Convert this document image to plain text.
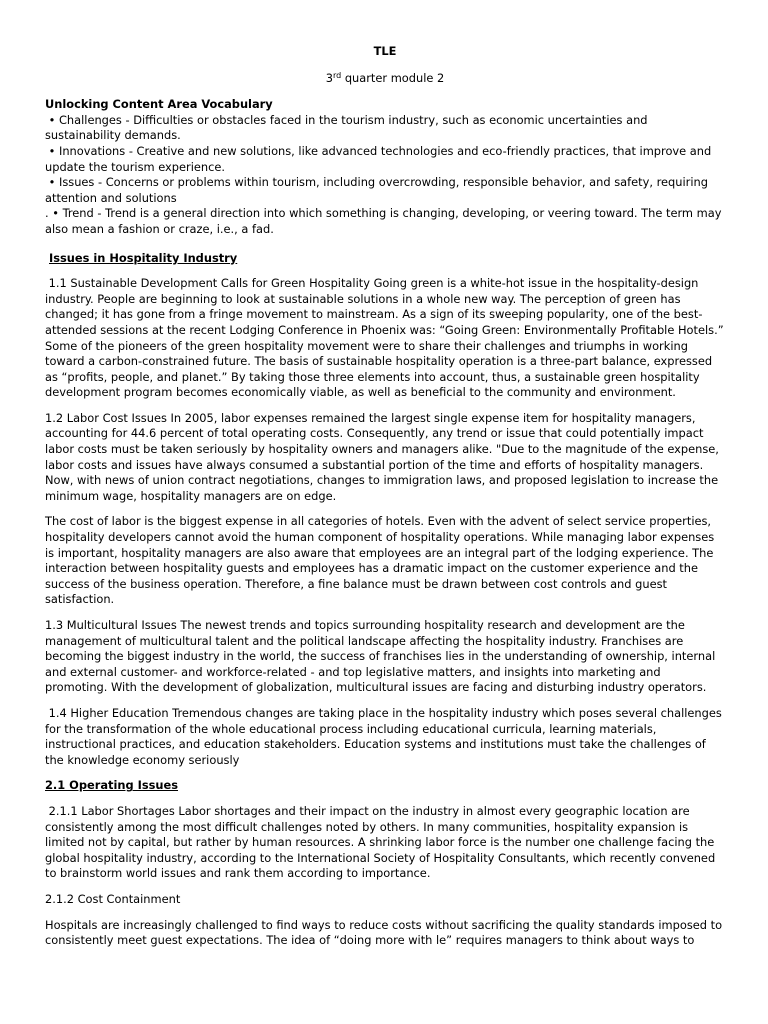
TLE
3rd quarter module 2
Unlocking Content Area Vocabulary
• Challenges - Difficulties or obstacles faced in the tourism industry, such as economic uncertainties and sustainability demands.
• Innovations - Creative and new solutions, like advanced technologies and eco-friendly practices, that improve and update the tourism experience.
• Issues - Concerns or problems within tourism, including overcrowding, responsible behavior, and safety, requiring attention and solutions
. • Trend - Trend is a general direction into which something is changing, developing, or veering toward. The term may also mean a fashion or craze, i.e., a fad.
Issues in Hospitality Industry

1.1 Sustainable Development Calls for Green Hospitality Going green is a white-hot issue in the hospitality-design industry. People are beginning to look at sustainable solutions in a whole new way. The perception of green has changed; it has gone from a fringe movement to mainstream. As a sign of its sweeping popularity, one of the best-attended sessions at the recent Lodging Conference in Phoenix was: “Going Green: Environmentally Profitable Hotels.” Some of the pioneers of the green hospitality movement were to share their challenges and triumphs in working toward a carbon-constrained future. The basis of sustainable hospitality operation is a three-part balance, expressed as “profits, people, and planet.” By taking those three elements into account, thus, a sustainable green hospitality development program becomes economically viable, as well as beneficial to the community and environment.

1.2 Labor Cost Issues In 2005, labor expenses remained the largest single expense item for hospitality managers, accounting for 44.6 percent of total operating costs. Consequently, any trend or issue that could potentially impact labor costs must be taken seriously by hospitality owners and managers alike. "Due to the magnitude of the expense, labor costs and issues have always consumed a substantial portion of the time and efforts of hospitality managers. Now, with news of union contract negotiations, changes to immigration laws, and proposed legislation to increase the minimum wage, hospitality managers are on edge.

The cost of labor is the biggest expense in all categories of hotels. Even with the advent of select service properties, hospitality developers cannot avoid the human component of hospitality operations. While managing labor expenses is important, hospitality managers are also aware that employees are an integral part of the lodging experience. The interaction between hospitality guests and employees has a dramatic impact on the customer experience and the success of the business operation. Therefore, a fine balance must be drawn between cost controls and guest satisfaction.

1.3 Multicultural Issues The newest trends and topics surrounding hospitality research and development are the management of multicultural talent and the political landscape affecting the hospitality industry. Franchises are becoming the biggest industry in the world, the success of franchises lies in the understanding of ownership, internal and external customer- and workforce-related - and top legislative matters, and insights into marketing and promoting. With the development of globalization, multicultural issues are facing and disturbing industry operators.

1.4 Higher Education Tremendous changes are taking place in the hospitality industry which poses several challenges for the transformation of the whole educational process including educational curricula, learning materials, instructional practices, and education stakeholders. Education systems and institutions must take the challenges of the knowledge economy seriously

2.1 Operating Issues

2.1.1 Labor Shortages Labor shortages and their impact on the industry in almost every geographic location are consistently among the most difficult challenges noted by others. In many communities, hospitality expansion is limited not by capital, but rather by human resources. A shrinking labor force is the number one challenge facing the global hospitality industry, according to the International Society of Hospitality Consultants, which recently convened to brainstorm world issues and rank them according to importance.

2.1.2 Cost Containment

Hospitals are increasingly challenged to find ways to reduce costs without sacrificing the quality standards imposed to consistently meet guest expectations. The idea of “doing more with le” requires managers to think about ways to
